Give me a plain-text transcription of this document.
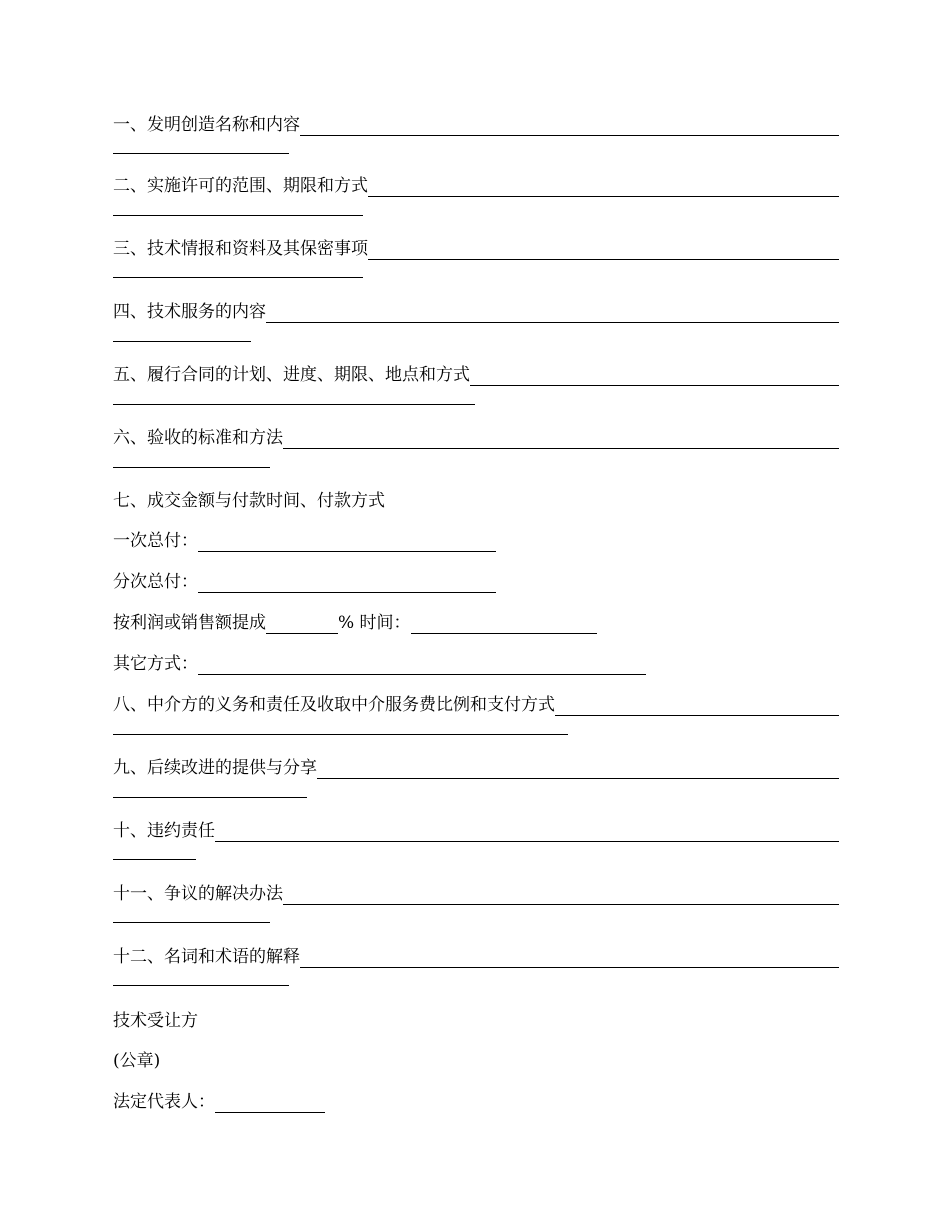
一、发明创造名称和内容
二、实施许可的范围、期限和方式
三、技术情报和资料及其保密事项
四、技术服务的内容
五、履行合同的计划、进度、期限、地点和方式
六、验收的标准和方法
七、成交金额与付款时间、付款方式
一次总付：
分次总付：
按利润或销售额提成	% 时间：
其它方式：
八、中介方的义务和责任及收取中介服务费比例和支付方式
九、后续改进的提供与分享
十、违约责任
十一、争议的解决办法
十二、名词和术语的解释
技术受让方
(公章)
法定代表人：
